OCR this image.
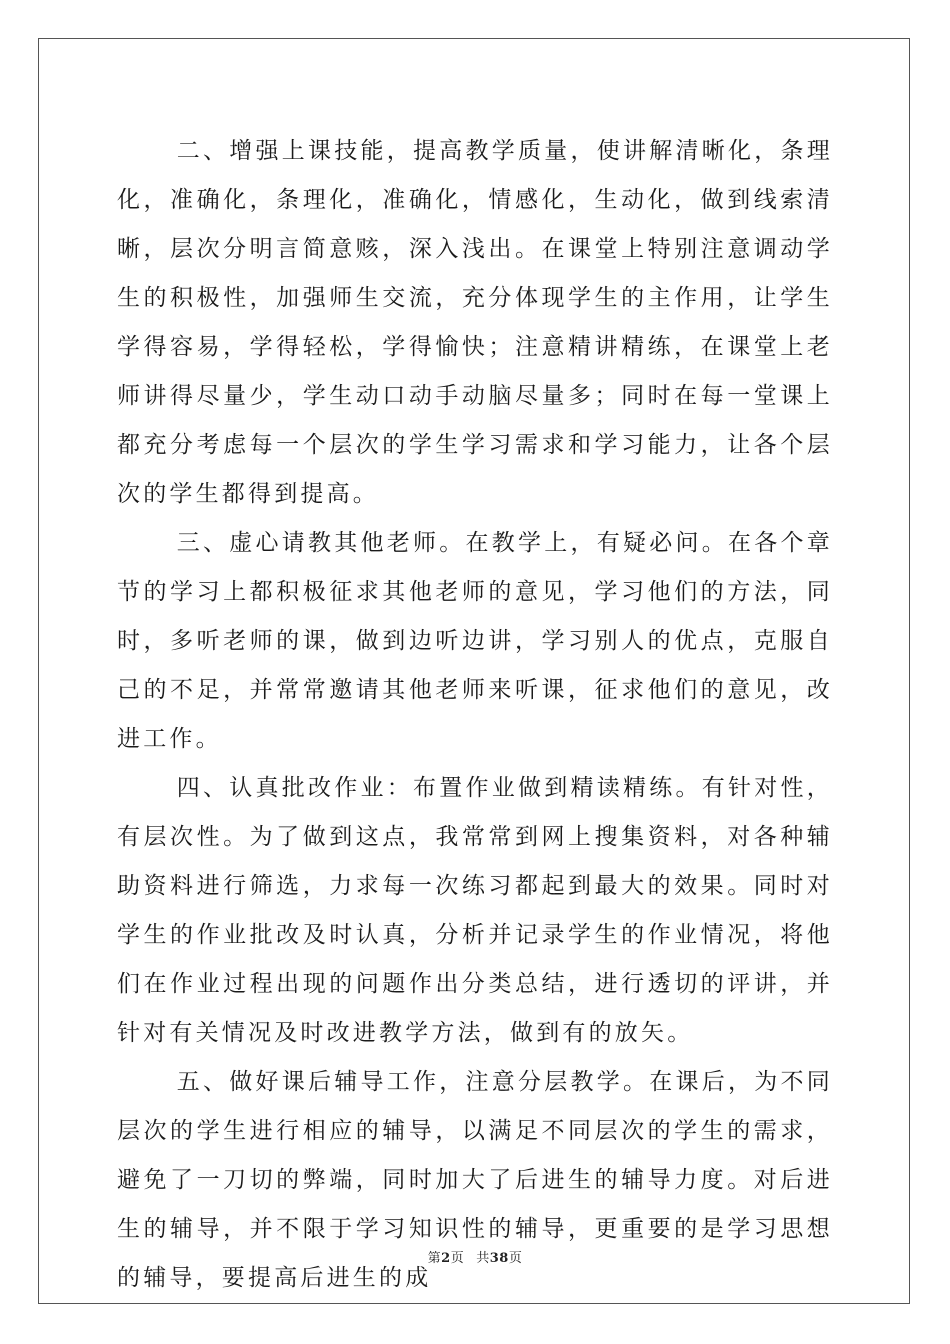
二、增强上课技能，提高教学质量，使讲解清晰化，条理化，准确化，条理化，准确化，情感化，生动化，做到线索清晰，层次分明言简意赅，深入浅出。在课堂上特别注意调动学生的积极性，加强师生交流，充分体现学生的主作用，让学生学得容易，学得轻松，学得愉快；注意精讲精练，在课堂上老师讲得尽量少，学生动口动手动脑尽量多；同时在每一堂课上都充分考虑每一个层次的学生学习需求和学习能力，让各个层次的学生都得到提高。

三、虚心请教其他老师。在教学上，有疑必问。在各个章节的学习上都积极征求其他老师的意见，学习他们的方法，同时，多听老师的课，做到边听边讲，学习别人的优点，克服自己的不足，并常常邀请其他老师来听课，征求他们的意见，改进工作。

四、认真批改作业：布置作业做到精读精练。有针对性，有层次性。为了做到这点，我常常到网上搜集资料，对各种辅助资料进行筛选，力求每一次练习都起到最大的效果。同时对学生的作业批改及时认真，分析并记录学生的作业情况，将他们在作业过程出现的问题作出分类总结，进行透切的评讲，并针对有关情况及时改进教学方法，做到有的放矢。

五、做好课后辅导工作，注意分层教学。在课后，为不同层次的学生进行相应的辅导，以满足不同层次的学生的需求，避免了一刀切的弊端，同时加大了后进生的辅导力度。对后进生的辅导，并不限于学习知识性的辅导，更重要的是学习思想的辅导，要提高后进生的成

第2页 共38页
